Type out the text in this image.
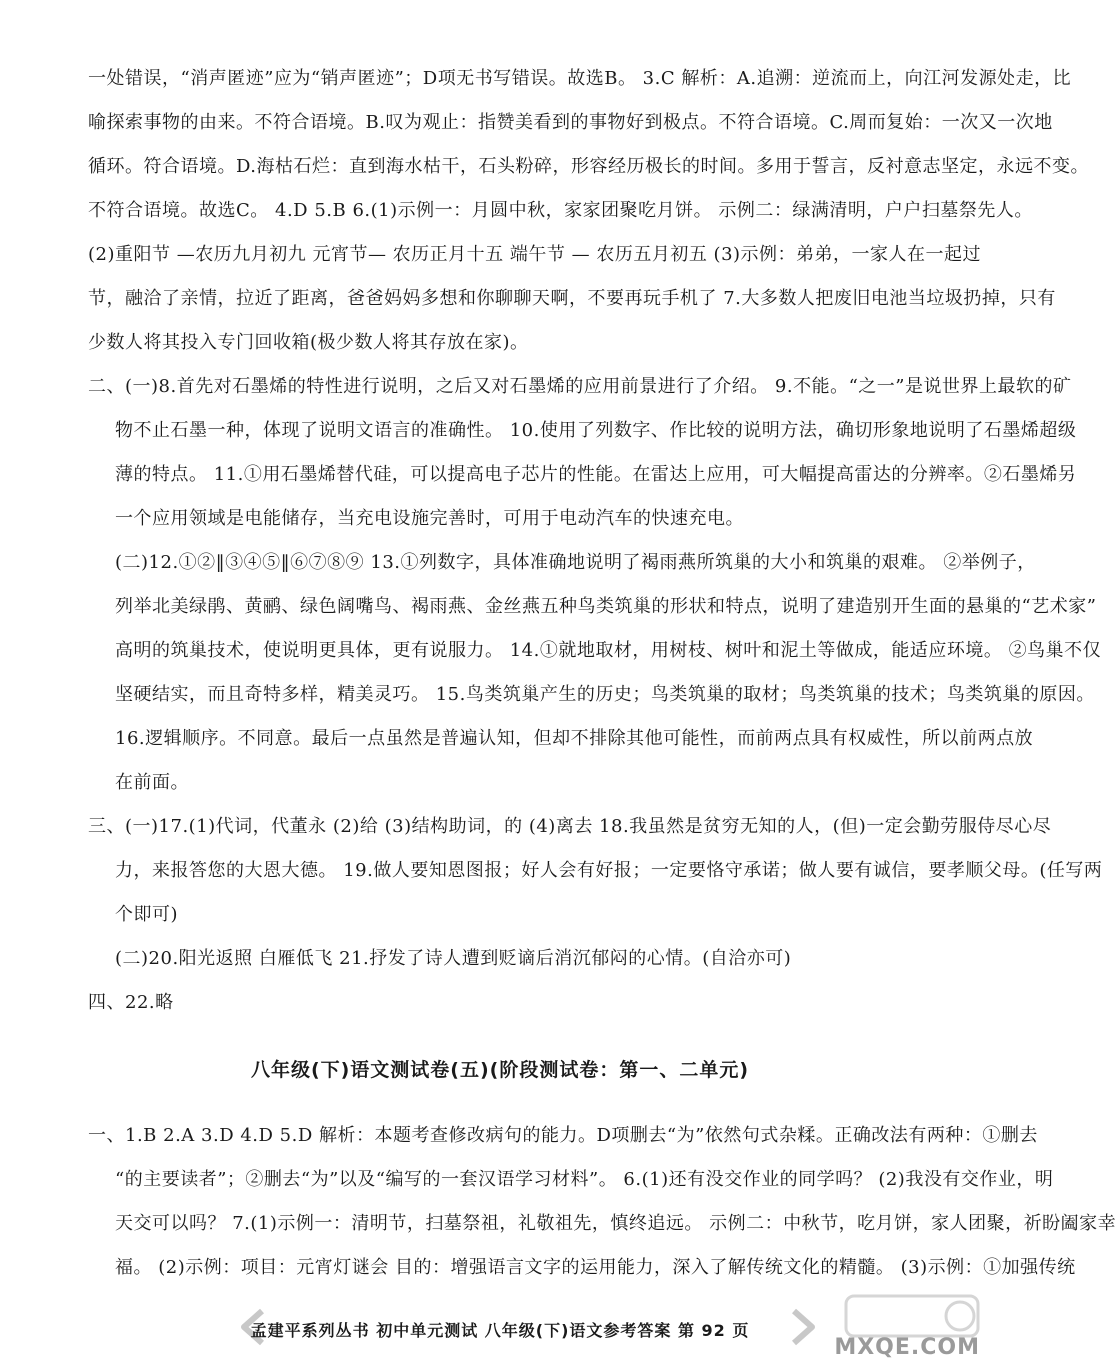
一处错误，“消声匿迹”应为“销声匿迹”；D项无书写错误。故选B。 3.C 解析：A.追溯：逆流而上，向江河发源处走，比
喻探索事物的由来。不符合语境。B.叹为观止：指赞美看到的事物好到极点。不符合语境。C.周而复始：一次又一次地
循环。符合语境。D.海枯石烂：直到海水枯干，石头粉碎，形容经历极长的时间。多用于誓言，反衬意志坚定，永远不变。
不符合语境。故选C。 4.D 5.B 6.(1)示例一：月圆中秋，家家团聚吃月饼。 示例二：绿满清明，户户扫墓祭先人。
(2)重阳节 —农历九月初九 元宵节— 农历正月十五 端午节 — 农历五月初五 (3)示例：弟弟，一家人在一起过
节，融洽了亲情，拉近了距离，爸爸妈妈多想和你聊聊天啊，不要再玩手机了 7.大多数人把废旧电池当垃圾扔掉，只有
少数人将其投入专门回收箱(极少数人将其存放在家)。
二、(一)8.首先对石墨烯的特性进行说明，之后又对石墨烯的应用前景进行了介绍。 9.不能。“之一”是说世界上最软的矿
物不止石墨一种，体现了说明文语言的准确性。 10.使用了列数字、作比较的说明方法，确切形象地说明了石墨烯超级
薄的特点。 11.①用石墨烯替代硅，可以提高电子芯片的性能。在雷达上应用，可大幅提高雷达的分辨率。②石墨烯另
一个应用领域是电能储存，当充电设施完善时，可用于电动汽车的快速充电。
(二)12.①②‖③④⑤‖⑥⑦⑧⑨ 13.①列数字，具体准确地说明了褐雨燕所筑巢的大小和筑巢的艰难。 ②举例子，
列举北美绿鹃、黄鹂、绿色阔嘴鸟、褐雨燕、金丝燕五种鸟类筑巢的形状和特点，说明了建造别开生面的悬巢的“艺术家”
高明的筑巢技术，使说明更具体，更有说服力。 14.①就地取材，用树枝、树叶和泥土等做成，能适应环境。 ②鸟巢不仅
坚硬结实，而且奇特多样，精美灵巧。 15.鸟类筑巢产生的历史；鸟类筑巢的取材；鸟类筑巢的技术；鸟类筑巢的原因。
16.逻辑顺序。不同意。最后一点虽然是普遍认知，但却不排除其他可能性，而前两点具有权威性，所以前两点放
在前面。
三、(一)17.(1)代词，代董永 (2)给 (3)结构助词，的 (4)离去 18.我虽然是贫穷无知的人，(但)一定会勤劳服侍尽心尽
力，来报答您的大恩大德。 19.做人要知恩图报；好人会有好报；一定要恪守承诺；做人要有诚信，要孝顺父母。(任写两
个即可)
(二)20.阳光返照 白雁低飞 21.抒发了诗人遭到贬谪后消沉郁闷的心情。(自洽亦可)
四、22.略
八年级(下)语文测试卷(五)(阶段测试卷：第一、二单元)
一、1.B 2.A 3.D 4.D 5.D 解析：本题考查修改病句的能力。D项删去“为”依然句式杂糅。正确改法有两种：①删去
“的主要读者”；②删去“为”以及“编写的一套汉语学习材料”。 6.(1)还有没交作业的同学吗？ (2)我没有交作业，明
天交可以吗？ 7.(1)示例一：清明节，扫墓祭祖，礼敬祖先，慎终追远。 示例二：中秋节，吃月饼，家人团聚，祈盼阖家幸
福。 (2)示例：项目：元宵灯谜会 目的：增强语言文字的运用能力，深入了解传统文化的精髓。 (3)示例：①加强传统
孟建平系列丛书 初中单元测试 八年级(下)语文参考答案 第 92 页
MXQE.COM
